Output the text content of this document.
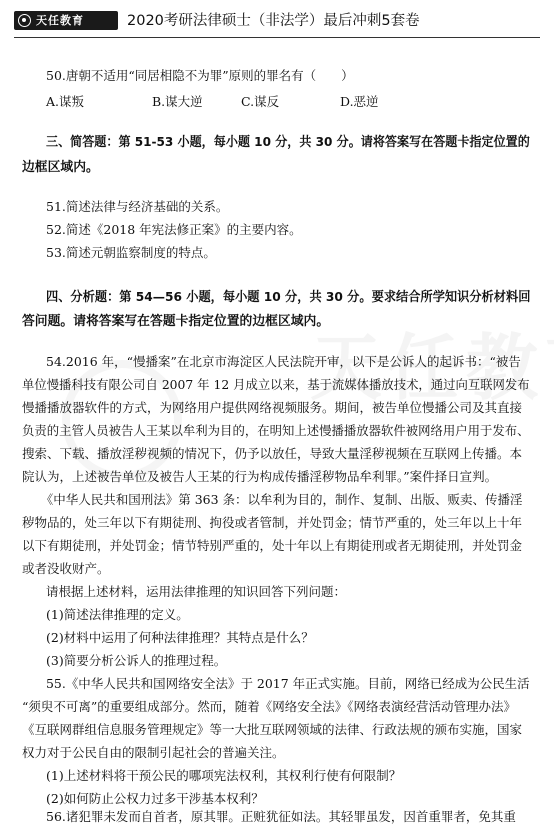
天任教育	2020考研法律硕士（非法学）最后冲刺5套卷
50.唐朝不适用“同居相隐不为罪”原则的罪名有（　　）
A.谋叛	B.谋大逆	C.谋反	D.恶逆
三、简答题：第 51-53 小题，每小题 10 分，共 30 分。请将答案写在答题卡指定位置的
边框区域内。
51.简述法律与经济基础的关系。
52.简述《2018 年宪法修正案》的主要内容。
53.简述元朝监察制度的特点。
四、分析题：第 54—56 小题，每小题 10 分，共 30 分。要求结合所学知识分析材料回
答问题。请将答案写在答题卡指定位置的边框区域内。
54.2016 年，“慢播案”在北京市海淀区人民法院开审，以下是公诉人的起诉书：“被告
单位慢播科技有限公司自 2007 年 12 月成立以来，基于流媒体播放技术，通过向互联网发布
慢播播放器软件的方式，为网络用户提供网络视频服务。期间，被告单位慢播公司及其直接
负责的主管人员被告人王某以牟利为目的，在明知上述慢播播放器软件被网络用户用于发布、
搜索、下载、播放淫秽视频的情况下，仍予以放任，导致大量淫秽视频在互联网上传播。本
院认为，上述被告单位及被告人王某的行为构成传播淫秽物品牟利罪。”案件择日宣判。
　　《中华人民共和国刑法》第 363 条：以牟利为目的，制作、复制、出版、贩卖、传播淫
秽物品的，处三年以下有期徒刑、拘役或者管制，并处罚金；情节严重的，处三年以上十年
以下有期徒刑，并处罚金；情节特别严重的，处十年以上有期徒刑或者无期徒刑，并处罚金
或者没收财产。
请根据上述材料，运用法律推理的知识回答下列问题：
(1)简述法律推理的定义。
(2)材料中运用了何种法律推理？其特点是什么？
(3)简要分析公诉人的推理过程。
55.《中华人民共和国网络安全法》于 2017 年正式实施。目前，网络已经成为公民生活
“须臾不可离”的重要组成部分。然而，随着《网络安全法》《网络表演经营活动管理办法》
《互联网群组信息服务管理规定》等一大批互联网领域的法律、行政法规的颁布实施，国家
权力对于公民自由的限制引起社会的普遍关注。
(1)上述材料将干预公民的哪项宪法权利，其权利行使有何限制？
(2)如何防止公权力过多干涉基本权利？
56.诸犯罪未发而自首者，原其罪。正赃犹征如法。其轻罪虽发，因首重罪者，免其重
